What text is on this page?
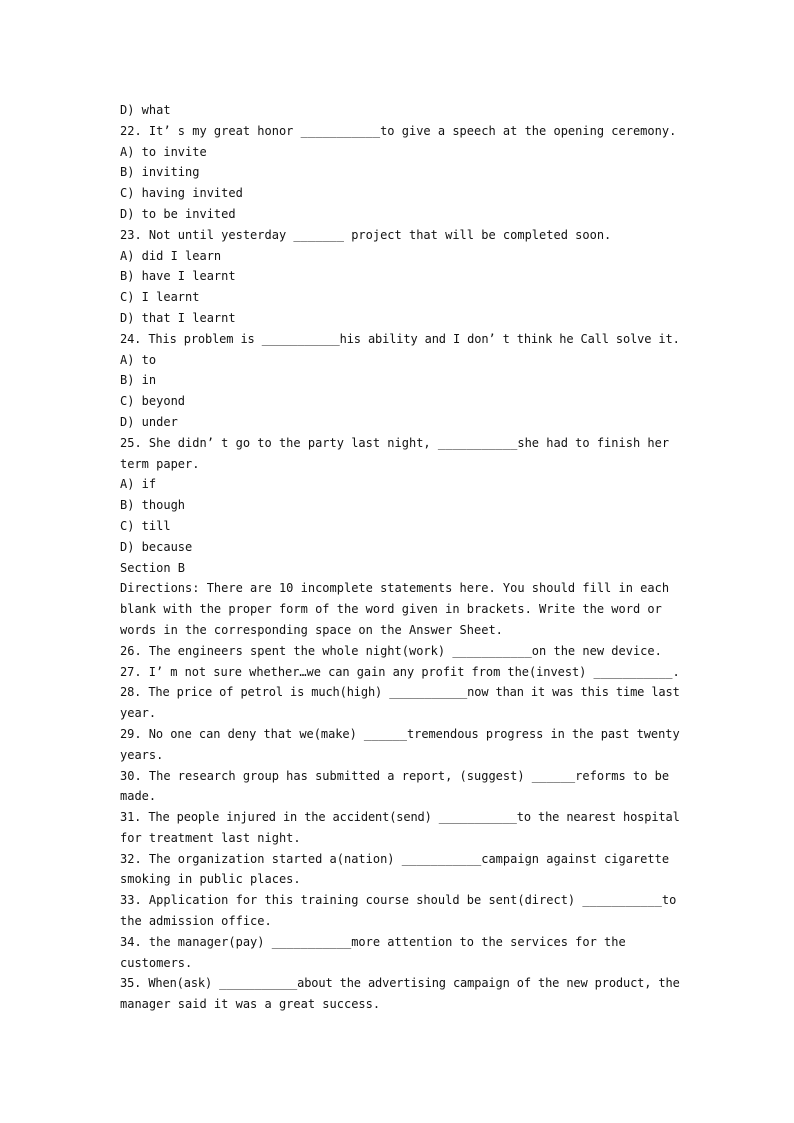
D) what
22. It’ s my great honor ___________to give a speech at the opening ceremony.
A) to invite
B) inviting
C) having invited
D) to be invited
23. Not until yesterday _______ project that will be completed soon.
A) did I learn
B) have I learnt
C) I learnt
D) that I learnt
24. This problem is ___________his ability and I don’ t think he Call solve it.
A) to
B) in
C) beyond
D) under
25. She didn’ t go to the party last night, ___________she had to finish her
term paper.
A) if
B) though
C) till
D) because
Section B
Directions: There are 10 incomplete statements here. You should fill in each
blank with the proper form of the word given in brackets. Write the word or
words in the corresponding space on the Answer Sheet.
26. The engineers spent the whole night(work) ___________on the new device.
27. I’ m not sure whether…we can gain any profit from the(invest) ___________.
28. The price of petrol is much(high) ___________now than it was this time last
year.
29. No one can deny that we(make) ______tremendous progress in the past twenty
years.
30. The research group has submitted a report, (suggest) ______reforms to be
made.
31. The people injured in the accident(send) ___________to the nearest hospital
for treatment last night.
32. The organization started a(nation) ___________campaign against cigarette
smoking in public places.
33. Application for this training course should be sent(direct) ___________to
the admission office.
34. the manager(pay) ___________more attention to the services for the
customers.
35. When(ask) ___________about the advertising campaign of the new product, the
manager said it was a great success.
